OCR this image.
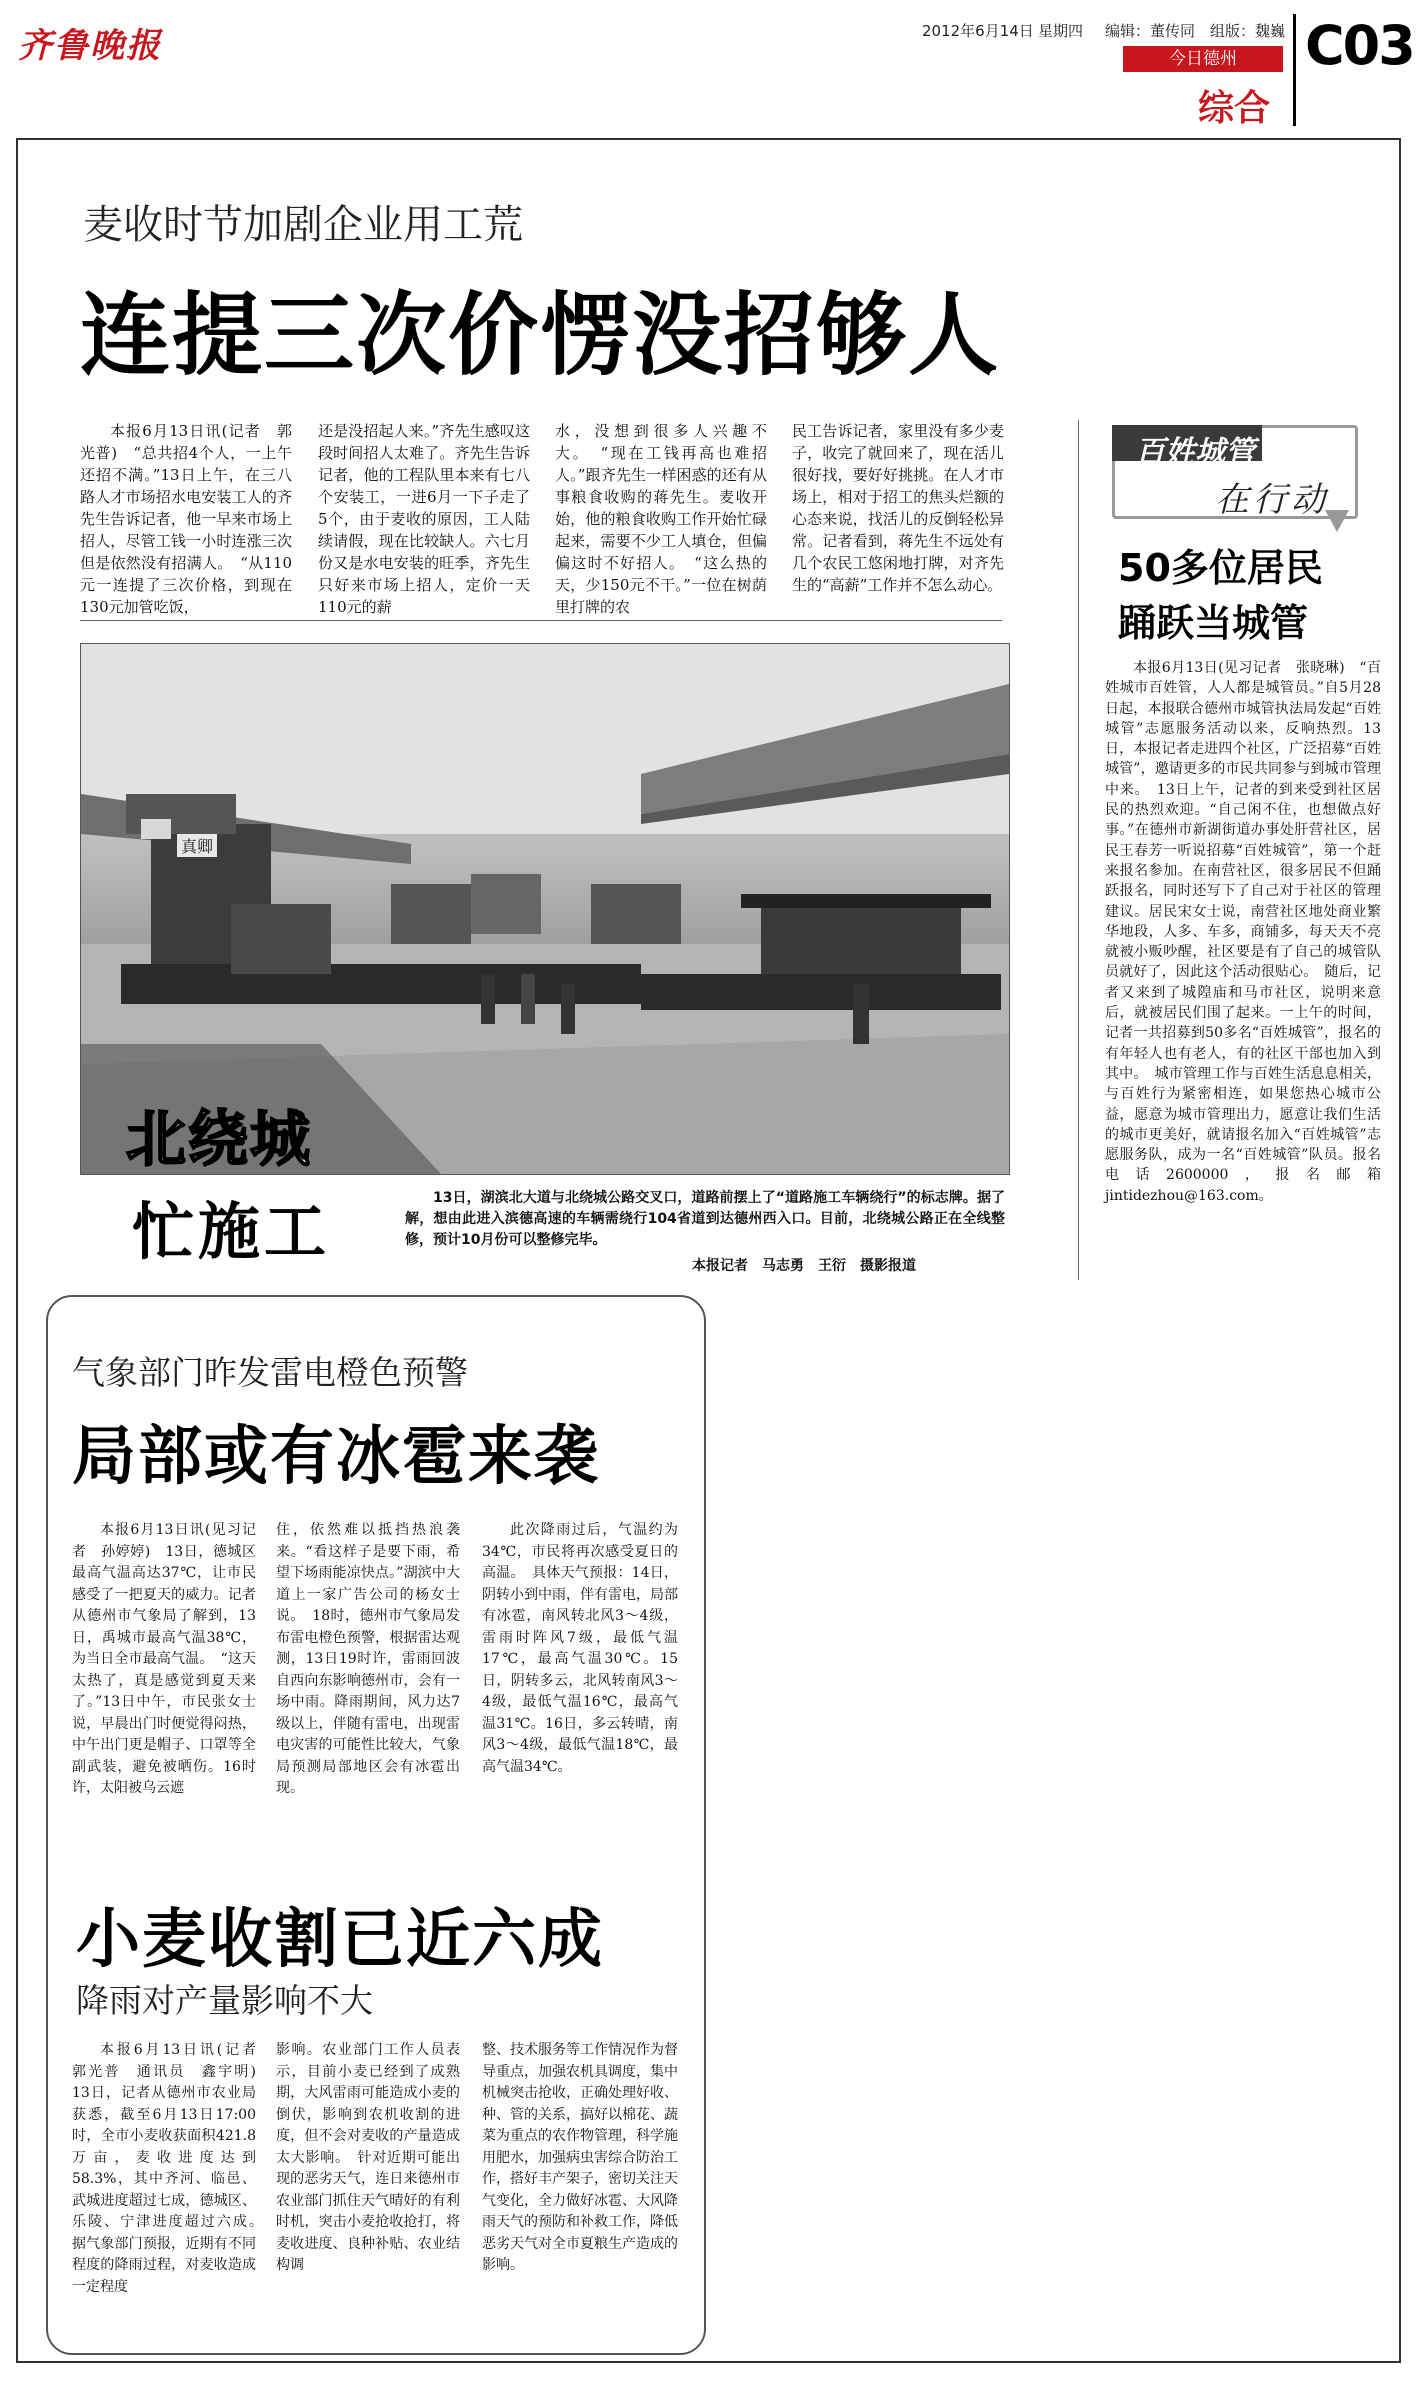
齐鲁晚报	2012年6月14日 星期四 编辑：董传同 组版：魏巍
今日德州
综合
C03
麦收时节加剧企业用工荒
连提三次价愣没招够人

本报6月13日讯(记者　郭光普)　“总共招4个人，一上午还招不满。”13日上午，在三八路人才市场招水电安装工人的齐先生告诉记者，他一早来市场上招人，尽管工钱一小时连涨三次但是依然没有招满人。　“从110元一连提了三次价格，到现在130元加管吃饭，

还是没招起人来。”齐先生感叹这段时间招人太难了。齐先生告诉记者，他的工程队里本来有七八个安装工，一进6月一下子走了5个，由于麦收的原因，工人陆续请假，现在比较缺人。六七月份又是水电安装的旺季，齐先生只好来市场上招人，定价一天110元的薪

水，没想到很多人兴趣不大。　“现在工钱再高也难招人。”跟齐先生一样困惑的还有从事粮食收购的蒋先生。麦收开始，他的粮食收购工作开始忙碌起来，需要不少工人填仓，但偏偏这时不好招人。　“这么热的天，少150元不干。”一位在树荫里打牌的农

民工告诉记者，家里没有多少麦子，收完了就回来了，现在活儿很好找，要好好挑挑。在人才市场上，相对于招工的焦头烂额的心态来说，找活儿的反倒轻松异常。记者看到，蒋先生不远处有几个农民工悠闲地打牌，对齐先生的“高薪”工作并不怎么动心。

百姓城管
在行动
50多位居民
踊跃当城管

本报6月13日(见习记者　张晓琳)　“百姓城市百姓管，人人都是城管员。”自5月28日起，本报联合德州市城管执法局发起“百姓城管”志愿服务活动以来，反响热烈。13日，本报记者走进四个社区，广泛招募“百姓城管”，邀请更多的市民共同参与到城市管理中来。　13日上午，记者的到来受到社区居民的热烈欢迎。“自己闲不住，也想做点好事。”在德州市新湖街道办事处肝营社区，居民王春芳一听说招募“百姓城管”，第一个赶来报名参加。在南营社区，很多居民不但踊跃报名，同时还写下了自己对于社区的管理建议。居民宋女士说，南营社区地处商业繁华地段，人多、车多，商铺多，每天天不亮就被小贩吵醒，社区要是有了自己的城管队员就好了，因此这个活动很贴心。　随后，记者又来到了城隍庙和马市社区，说明来意后，就被居民们围了起来。一上午的时间，记者一共招募到50多名“百姓城管”，报名的有年轻人也有老人，有的社区干部也加入到其中。　城市管理工作与百姓生活息息相关，与百姓行为紧密相连，如果您热心城市公益，愿意为城市管理出力，愿意让我们生活的城市更美好，就请报名加入“百姓城管”志愿服务队，成为一名“百姓城管”队员。报名电话2600000，报名邮箱jintidezhou@163.com。

真卿
北绕城
忙施工	13日，湖滨北大道与北绕城公路交叉口，道路前摆上了“道路施工车辆绕行”的标志牌。据了解，想由此进入滨德高速的车辆需绕行104省道到达德州西入口。目前，北绕城公路正在全线整修，预计10月份可以整修完毕。

本报记者　马志勇　王衍　摄影报道
气象部门昨发雷电橙色预警
局部或有冰雹来袭

本报6月13日讯(见习记者　孙婷婷)　13日，德城区最高气温高达37℃，让市民感受了一把夏天的威力。记者从德州市气象局了解到，13日，禹城市最高气温38℃，为当日全市最高气温。　“这天太热了，真是感觉到夏天来了。”13日中午，市民张女士说，早晨出门时便觉得闷热，中午出门更是帽子、口罩等全副武装，避免被晒伤。16时许，太阳被乌云遮

住，依然难以抵挡热浪袭来。“看这样子是要下雨，希望下场雨能凉快点。”湖滨中大道上一家广告公司的杨女士说。　18时，德州市气象局发布雷电橙色预警，根据雷达观测，13日19时许，雷雨回波自西向东影响德州市，会有一场中雨。降雨期间，风力达7级以上，伴随有雷电，出现雷电灾害的可能性比较大，气象局预测局部地区会有冰雹出现。

此次降雨过后，气温约为34℃，市民将再次感受夏日的高温。　具体天气预报：14日，阴转小到中雨，伴有雷电，局部有冰雹，南风转北风3～4级，雷雨时阵风7级，最低气温17℃，最高气温30℃。15日，阴转多云，北风转南风3～4级，最低气温16℃，最高气温31℃。16日，多云转晴，南风3～4级，最低气温18℃，最高气温34℃。

小麦收割已近六成
降雨对产量影响不大

本报6月13日讯(记者　郭光普　通讯员　鑫宇明)　13日，记者从德州市农业局获悉，截至6月13日17:00时，全市小麦收获面积421.8万亩，麦收进度达到58.3%，其中齐河、临邑、武城进度超过七成，德城区、乐陵、宁津进度超过六成。　据气象部门预报，近期有不同程度的降雨过程，对麦收造成一定程度

影响。农业部门工作人员表示，目前小麦已经到了成熟期，大风雷雨可能造成小麦的倒伏，影响到农机收割的进度，但不会对麦收的产量造成太大影响。　针对近期可能出现的恶劣天气，连日来德州市农业部门抓住天气晴好的有利时机，突击小麦抢收抢打，将麦收进度、良种补贴、农业结构调

整、技术服务等工作情况作为督导重点，加强农机具调度，集中机械突击抢收，正确处理好收、种、管的关系，搞好以棉花、蔬菜为重点的农作物管理，科学施用肥水，加强病虫害综合防治工作，搭好丰产架子，密切关注天气变化，全力做好冰雹、大风降雨天气的预防和补救工作，降低恶劣天气对全市夏粮生产造成的影响。
